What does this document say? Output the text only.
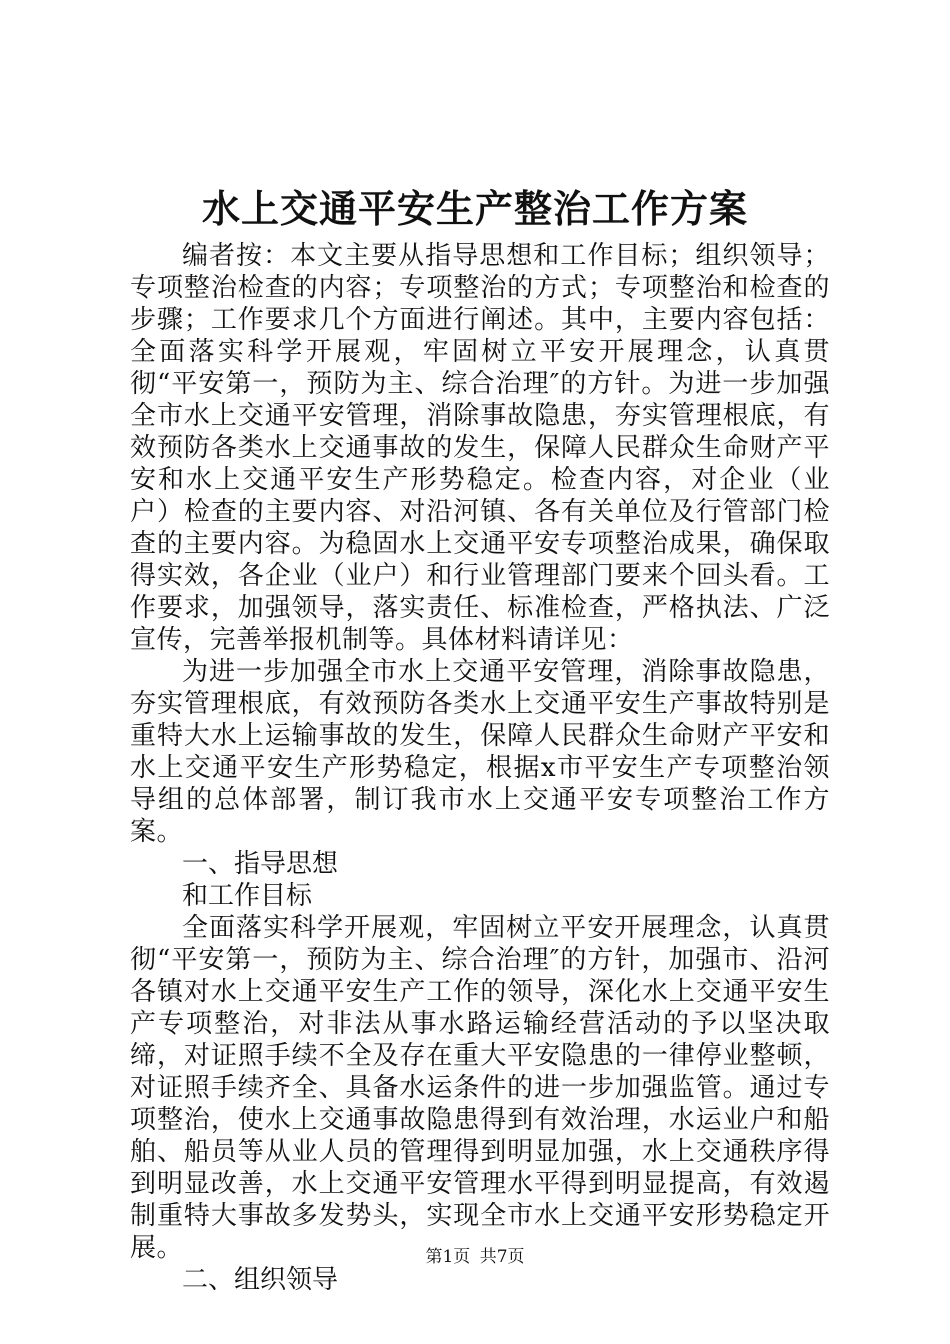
水上交通平安生产整治工作方案

编者按：本文主要从指导思想和工作目标；组织领导；专项整治检查的内容；专项整治的方式；专项整治和检查的步骤；工作要求几个方面进行阐述。其中，主要内容包括：全面落实科学开展观，牢固树立平安开展理念，认真贯彻“平安第一，预防为主、综合治理″的方针。为进一步加强全市水上交通平安管理，消除事故隐患，夯实管理根底，有效预防各类水上交通事故的发生，保障人民群众生命财产平安和水上交通平安生产形势稳定。检查内容，对企业（业户）检查的主要内容、对沿河镇、各有关单位及行管部门检查的主要内容。为稳固水上交通平安专项整治成果，确保取得实效，各企业（业户）和行业管理部门要来个回头看。工作要求，加强领导，落实责任、标准检查，严格执法、广泛宣传，完善举报机制等。具体材料请详见：

为进一步加强全市水上交通平安管理，消除事故隐患，夯实管理根底，有效预防各类水上交通平安生产事故特别是重特大水上运输事故的发生，保障人民群众生命财产平安和水上交通平安生产形势稳定，根据x市平安生产专项整治领导组的总体部署，制订我市水上交通平安专项整治工作方案。

一、指导思想

和工作目标

全面落实科学开展观，牢固树立平安开展理念，认真贯彻“平安第一，预防为主、综合治理″的方针，加强市、沿河各镇对水上交通平安生产工作的领导，深化水上交通平安生产专项整治，对非法从事水路运输经营活动的予以坚决取缔，对证照手续不全及存在重大平安隐患的一律停业整顿，对证照手续齐全、具备水运条件的进一步加强监管。通过专项整治，使水上交通事故隐患得到有效治理，水运业户和船舶、船员等从业人员的管理得到明显加强，水上交通秩序得到明显改善，水上交通平安管理水平得到明显提高，有效遏制重特大事故多发势头，实现全市水上交通平安形势稳定开展。

二、组织领导

第1页 共7页
